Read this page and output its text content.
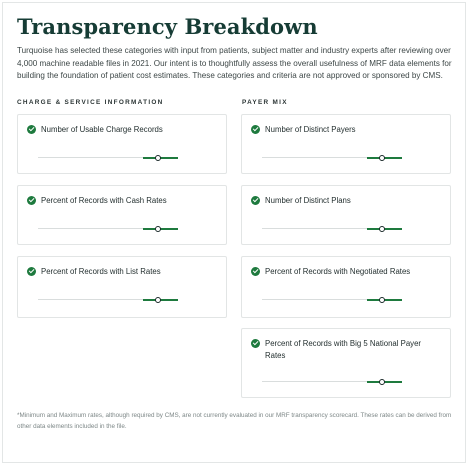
Transparency Breakdown

Turquoise has selected these categories with input from patients, subject matter and industry experts after reviewing over 4,000 machine readable files in 2021. Our intent is to thoughtfully assess the overall usefulness of MRF data elements for building the foundation of patient cost estimates. These categories and criteria are not approved or sponsored by CMS.

CHARGE & SERVICE INFORMATION	PAYER MIX
Number of Usable Charge Records
Percent of Records with Cash Rates
Percent of Records with List Rates
Number of Distinct Payers
Number of Distinct Plans
Percent of Records with Negotiated Rates
Percent of Records with Big 5 National Payer Rates

*Minimum and Maximum rates, although required by CMS, are not currently evaluated in our MRF transparency scorecard. These rates can be derived from other data elements included in the file.
